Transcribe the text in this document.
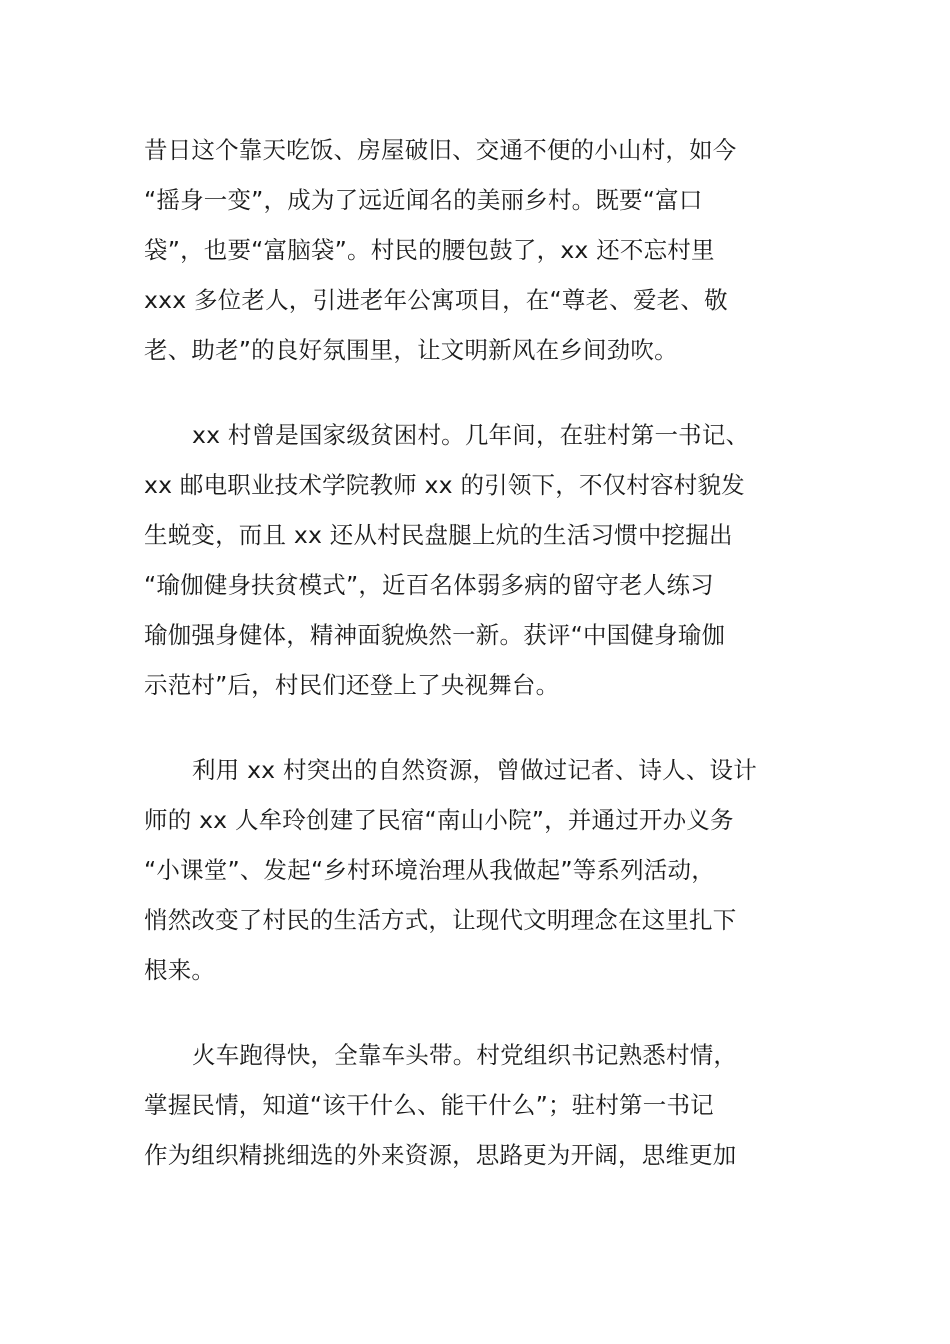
昔日这个靠天吃饭、房屋破旧、交通不便的小山村，如今
“摇身一变”，成为了远近闻名的美丽乡村。既要“富口
袋”，也要“富脑袋”。村民的腰包鼓了，xx 还不忘村里
xxx 多位老人，引进老年公寓项目，在“尊老、爱老、敬
老、助老”的良好氛围里，让文明新风在乡间劲吹。
xx 村曾是国家级贫困村。几年间，在驻村第一书记、
xx 邮电职业技术学院教师 xx 的引领下，不仅村容村貌发
生蜕变，而且 xx 还从村民盘腿上炕的生活习惯中挖掘出
“瑜伽健身扶贫模式”，近百名体弱多病的留守老人练习
瑜伽强身健体，精神面貌焕然一新。获评“中国健身瑜伽
示范村”后，村民们还登上了央视舞台。
利用 xx 村突出的自然资源，曾做过记者、诗人、设计
师的 xx 人牟玲创建了民宿“南山小院”，并通过开办义务
“小课堂”、发起“乡村环境治理从我做起”等系列活动，
悄然改变了村民的生活方式，让现代文明理念在这里扎下
根来。
火车跑得快，全靠车头带。村党组织书记熟悉村情，
掌握民情，知道“该干什么、能干什么”；驻村第一书记
作为组织精挑细选的外来资源，思路更为开阔，思维更加
